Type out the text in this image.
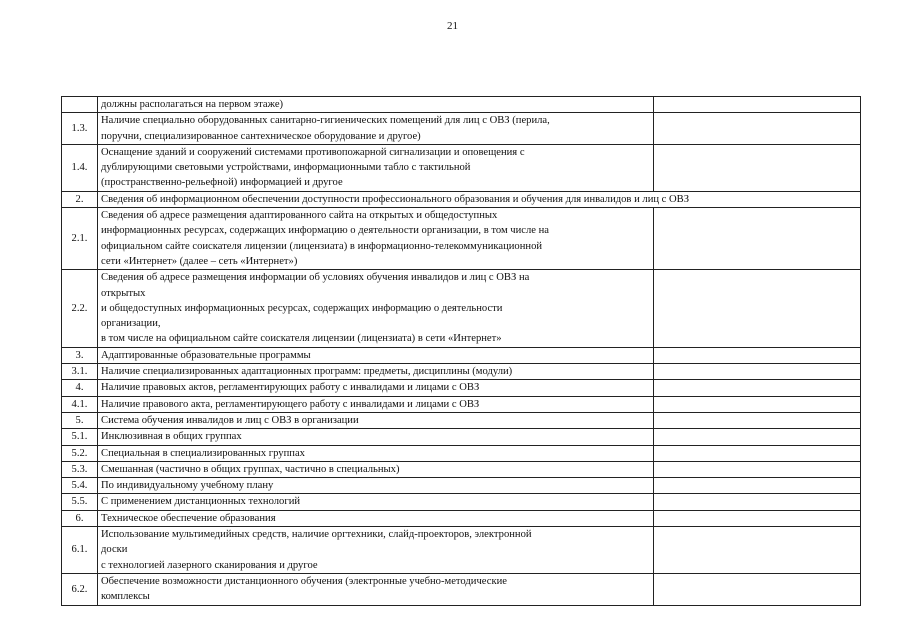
21
	должны располагаться на первом этаже)	
1.3.	Наличие специально оборудованных санитарно-гигиенических помещений для лиц с ОВЗ (перила,
поручни, специализированное сантехническое оборудование и другое)	
1.4.	Оснащение зданий и сооружений системами противопожарной сигнализации и оповещения с
дублирующими световыми устройствами, информационными табло с тактильной
(пространственно-рельефной) информацией и другое	
2.	Сведения об информационном обеспечении доступности профессионального образования и обучения для инвалидов и лиц с ОВЗ	
2.1.	Сведения об адресе размещения адаптированного сайта на открытых и общедоступных
информационных ресурсах, содержащих информацию о деятельности организации, в том числе на
официальном сайте соискателя лицензии (лицензиата) в информационно-телекоммуникационной
сети «Интернет» (далее – сеть «Интернет»)	
2.2.	Сведения об адресе размещения информации об условиях обучения инвалидов и лиц с ОВЗ на
открытых
и общедоступных информационных ресурсах, содержащих информацию о деятельности
организации,
в том числе на официальном сайте соискателя лицензии (лицензиата) в сети «Интернет»	
3.	Адаптированные образовательные программы	
3.1.	Наличие специализированных адаптационных программ: предметы, дисциплины (модули)	
4.	Наличие правовых актов, регламентирующих работу с инвалидами и лицами с ОВЗ	
4.1.	Наличие правового акта, регламентирующего работу с инвалидами и лицами с ОВЗ	
5.	Система обучения инвалидов и лиц с ОВЗ в организации	
5.1.	Инклюзивная в общих группах	
5.2.	Специальная в специализированных группах	
5.3.	Смешанная (частично в общих группах, частично в специальных)	
5.4.	По индивидуальному учебному плану	
5.5.	С применением дистанционных технологий	
6.	Техническое обеспечение образования	
6.1.	Использование мультимедийных средств, наличие оргтехники, слайд-проекторов, электронной
доски
с технологией лазерного сканирования и другое	
6.2.	Обеспечение возможности дистанционного обучения (электронные учебно-методические
комплексы	
